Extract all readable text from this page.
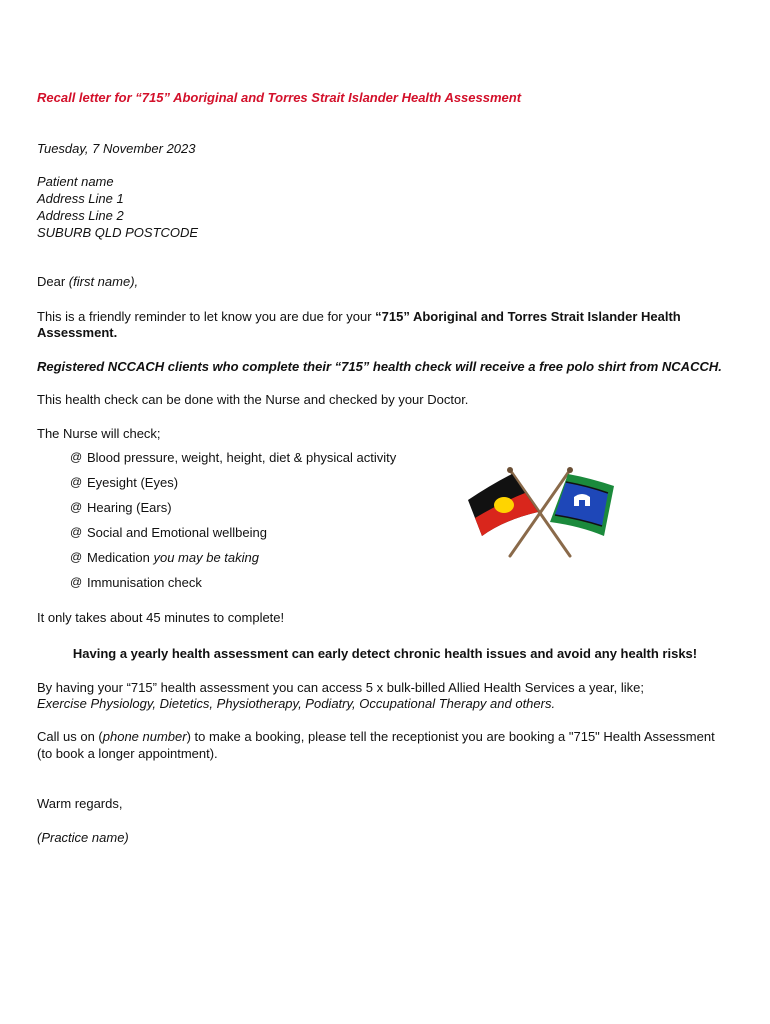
Recall letter for “715” Aboriginal and Torres Strait Islander Health Assessment
Tuesday, 7 November 2023
Patient name
Address Line 1
Address Line 2
SUBURB QLD POSTCODE
Dear (first name),
This is a friendly reminder to let know you are due for your “715” Aboriginal and Torres Strait Islander Health
Assessment.
Registered NCCACH clients who complete their “715” health check will receive a free polo shirt from NCACCH.
This health check can be done with the Nurse and checked by your Doctor.
The Nurse will check;
@ Blood pressure, weight, height, diet & physical activity
@ Eyesight (Eyes)
@ Hearing (Ears)
@ Social and Emotional wellbeing
@ Medication you may be taking
@ Immunisation check
It only takes about 45 minutes to complete!
Having a yearly health assessment can early detect chronic health issues and avoid any health risks!
By having your “715” health assessment you can access 5 x bulk-billed Allied Health Services a year, like;
Exercise Physiology, Dietetics, Physiotherapy, Podiatry, Occupational Therapy and others.
Call us on (phone number) to make a booking, please tell the receptionist you are booking a "715" Health Assessment
(to book a longer appointment).
Warm regards,
(Practice name)
